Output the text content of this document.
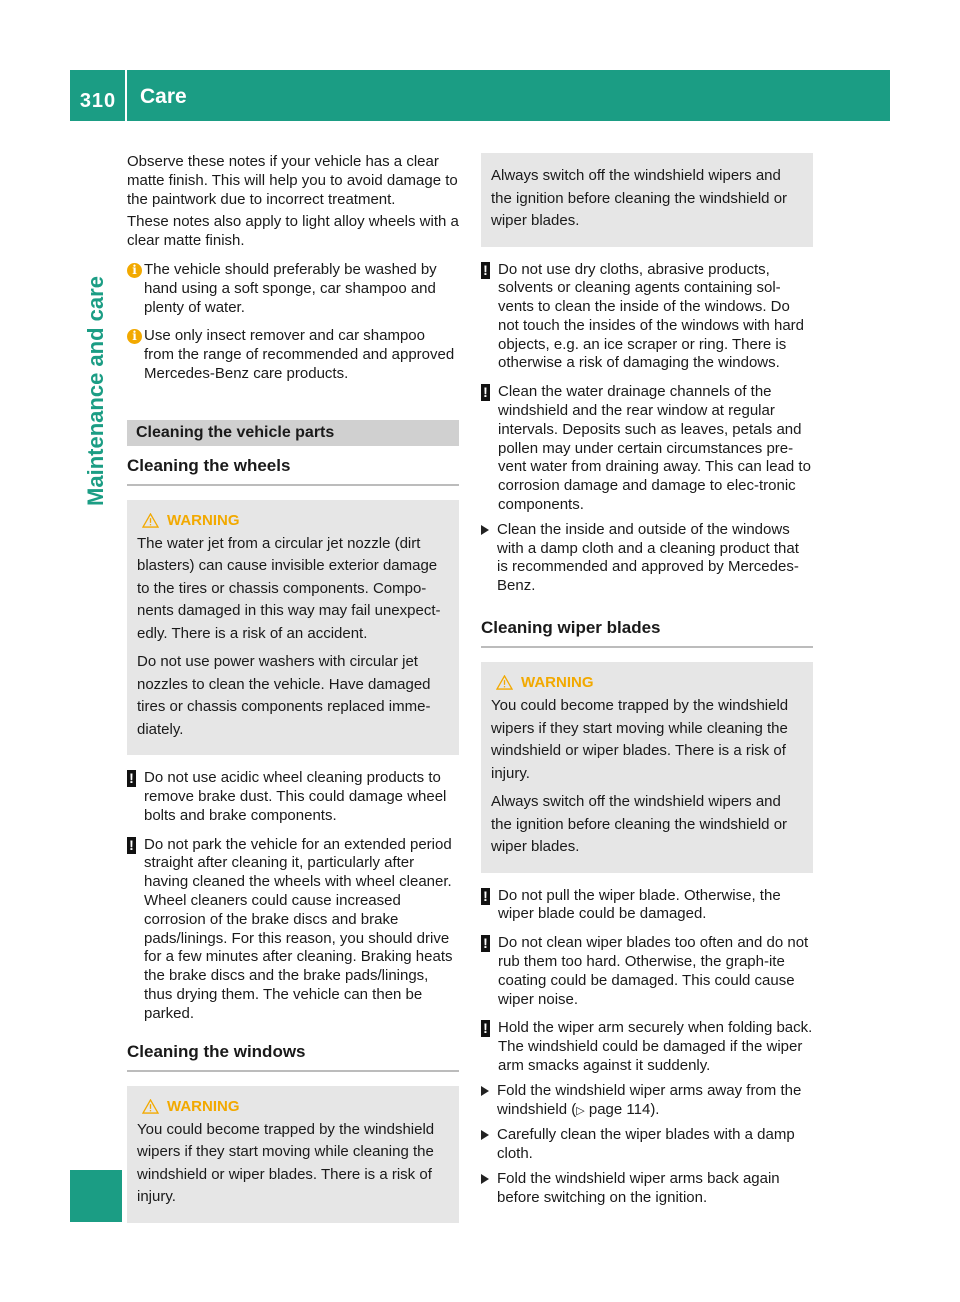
310	Care
Maintenance and care

Observe these notes if your vehicle has a clear matte finish. This will help you to avoid damage to the paintwork due to incorrect treatment.

These notes also apply to light alloy wheels with a clear matte finish.

i The vehicle should preferably be washed by hand using a soft sponge, car shampoo and plenty of water.

i Use only insect remover and car shampoo from the range of recommended and approved Mercedes-Benz care products.

Cleaning the vehicle parts
Cleaning the wheels
WARNING

The water jet from a circular jet nozzle (dirt blasters) can cause invisible exterior damage to the tires or chassis components. Compo-nents damaged in this way may fail unexpect-edly. There is a risk of an accident.

Do not use power washers with circular jet nozzles to clean the vehicle. Have damaged tires or chassis components replaced imme-diately.

! Do not use acidic wheel cleaning products to remove brake dust. This could damage wheel bolts and brake components.

! Do not park the vehicle for an extended period straight after cleaning it, particularly after having cleaned the wheels with wheel cleaner. Wheel cleaners could cause increased corrosion of the brake discs and brake pads/linings. For this reason, you should drive for a few minutes after cleaning. Braking heats the brake discs and the brake pads/linings, thus drying them. The vehicle can then be parked.

Cleaning the windows
WARNING

You could become trapped by the windshield wipers if they start moving while cleaning the windshield or wiper blades. There is a risk of injury.

Always switch off the windshield wipers and the ignition before cleaning the windshield or wiper blades.

! Do not use dry cloths, abrasive products, solvents or cleaning agents containing sol-vents to clean the inside of the windows. Do not touch the insides of the windows with hard objects, e.g. an ice scraper or ring. There is otherwise a risk of damaging the windows.

! Clean the water drainage channels of the windshield and the rear window at regular intervals. Deposits such as leaves, petals and pollen may under certain circumstances pre-vent water from draining away. This can lead to corrosion damage and damage to elec-tronic components.

Clean the inside and outside of the windows with a damp cloth and a cleaning product that is recommended and approved by Mercedes-Benz.

Cleaning wiper blades
WARNING

You could become trapped by the windshield wipers if they start moving while cleaning the windshield or wiper blades. There is a risk of injury.

Always switch off the windshield wipers and the ignition before cleaning the windshield or wiper blades.

! Do not pull the wiper blade. Otherwise, the wiper blade could be damaged.

! Do not clean wiper blades too often and do not rub them too hard. Otherwise, the graph-ite coating could be damaged. This could cause wiper noise.

! Hold the wiper arm securely when folding back. The windshield could be damaged if the wiper arm smacks against it suddenly.

Fold the windshield wiper arms away from the windshield (▷ page 114).

Carefully clean the wiper blades with a damp cloth.

Fold the windshield wiper arms back again before switching on the ignition.
